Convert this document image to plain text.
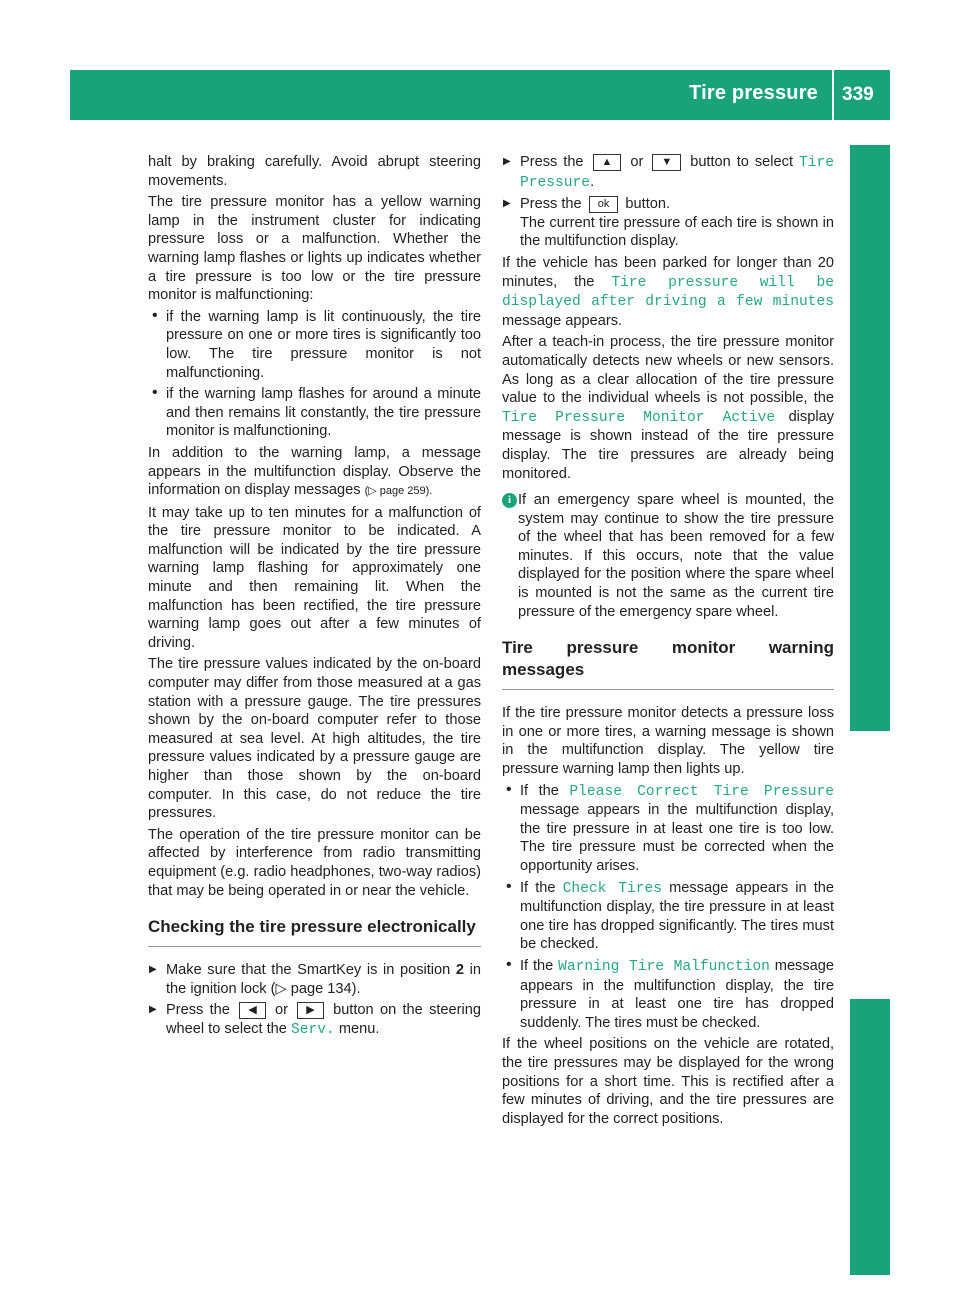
Tire pressure 339
Wheels and tires

halt by braking carefully. Avoid abrupt steering movements.

The tire pressure monitor has a yellow warning lamp in the instrument cluster for indicating pressure loss or a malfunction. Whether the warning lamp flashes or lights up indicates whether a tire pressure is too low or the tire pressure monitor is malfunctioning:

• if the warning lamp is lit continuously, the tire pressure on one or more tires is significantly too low. The tire pressure monitor is not malfunctioning.
• if the warning lamp flashes for around a minute and then remains lit constantly, the tire pressure monitor is malfunctioning.

In addition to the warning lamp, a message appears in the multifunction display. Observe the information on display messages (▷ page 259).

It may take up to ten minutes for a malfunction of the tire pressure monitor to be indicated. A malfunction will be indicated by the tire pressure warning lamp flashing for approximately one minute and then remaining lit. When the malfunction has been rectified, the tire pressure warning lamp goes out after a few minutes of driving.

The tire pressure values indicated by the on-board computer may differ from those measured at a gas station with a pressure gauge. The tire pressures shown by the on-board computer refer to those measured at sea level. At high altitudes, the tire pressure values indicated by a pressure gauge are higher than those shown by the on-board computer. In this case, do not reduce the tire pressures.

The operation of the tire pressure monitor can be affected by interference from radio transmitting equipment (e.g. radio headphones, two-way radios) that may be being operated in or near the vehicle.

Checking the tire pressure electronically
▶ Make sure that the SmartKey is in position 2 in the ignition lock (▷ page 134).
▶ Press the ◀ or ▶ button on the steering wheel to select the Serv. menu.
▶ Press the ▲ or ▼ button to select Tire Pressure.
▶ Press the ok button.
The current tire pressure of each tire is shown in the multifunction display.

If the vehicle has been parked for longer than 20 minutes, the Tire pressure will be displayed after driving a few minutes message appears.

After a teach-in process, the tire pressure monitor automatically detects new wheels or new sensors. As long as a clear allocation of the tire pressure value to the individual wheels is not possible, the Tire Pressure Monitor Active display message is shown instead of the tire pressure display. The tire pressures are already being monitored.

i If an emergency spare wheel is mounted, the system may continue to show the tire pressure of the wheel that has been removed for a few minutes. If this occurs, note that the value displayed for the position where the spare wheel is mounted is not the same as the current tire pressure of the emergency spare wheel.
Tire pressure monitor warning messages

If the tire pressure monitor detects a pressure loss in one or more tires, a warning message is shown in the multifunction display. The yellow tire pressure warning lamp then lights up.

• If the Please Correct Tire Pressure message appears in the multifunction display, the tire pressure in at least one tire is too low. The tire pressure must be corrected when the opportunity arises.
• If the Check Tires message appears in the multifunction display, the tire pressure in at least one tire has dropped significantly. The tires must be checked.
• If the Warning Tire Malfunction message appears in the multifunction display, the tire pressure in at least one tire has dropped suddenly. The tires must be checked.

If the wheel positions on the vehicle are rotated, the tire pressures may be displayed for the wrong positions for a short time. This is rectified after a few minutes of driving, and the tire pressures are displayed for the correct positions.
